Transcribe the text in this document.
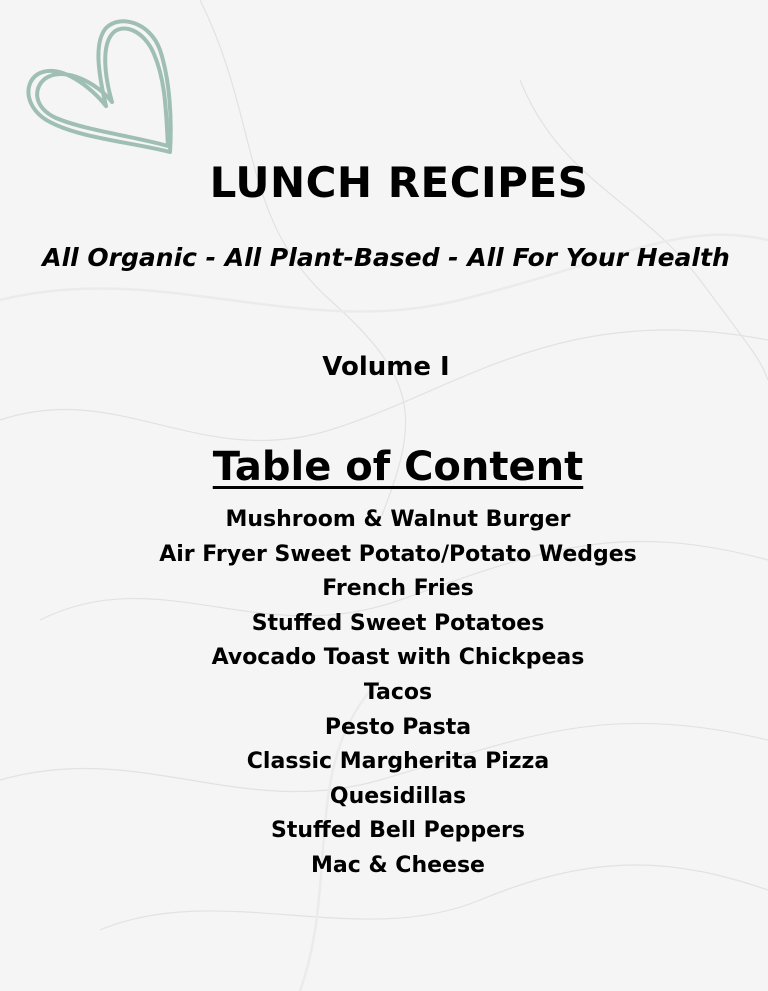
LUNCH RECIPES

All Organic - All Plant-Based - All For Your Health

Volume I

Table of Content
Mushroom & Walnut Burger
Air Fryer Sweet Potato/Potato Wedges
French Fries
Stuffed Sweet Potatoes
Avocado Toast with Chickpeas
Tacos
Pesto Pasta
Classic Margherita Pizza
Quesidillas
Stuffed Bell Peppers
Mac & Cheese
